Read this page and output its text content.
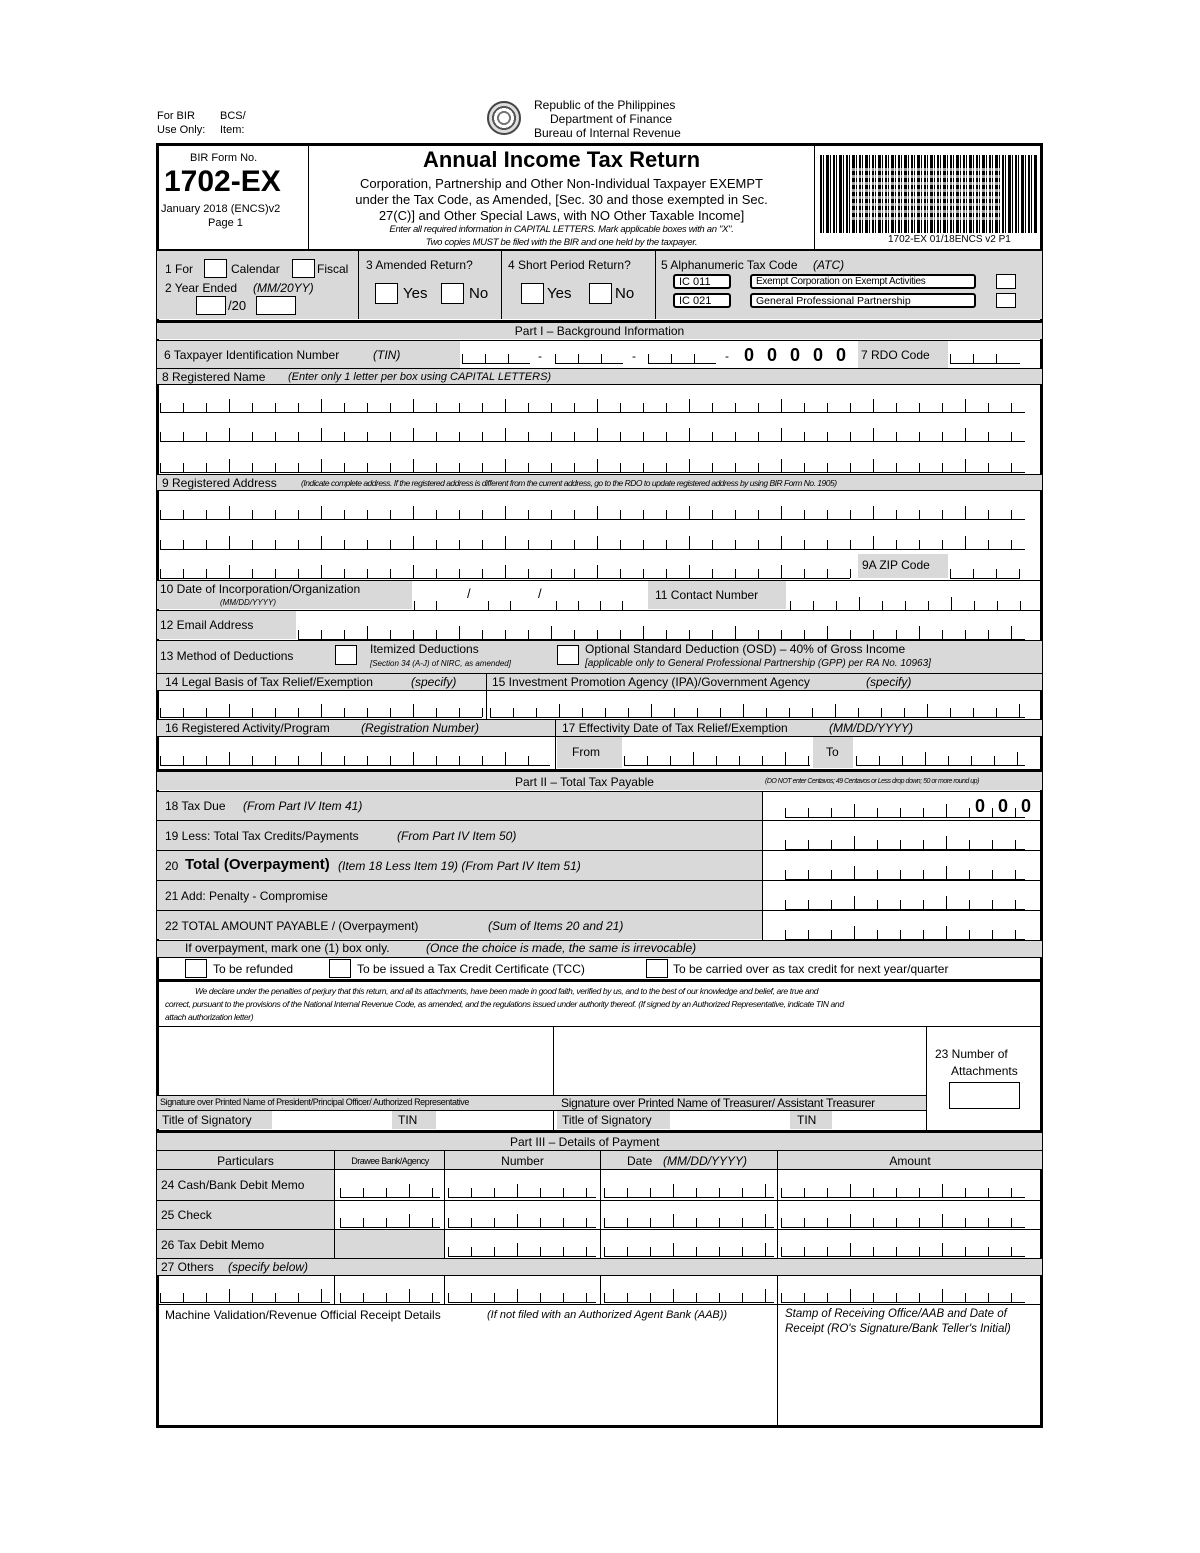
For BIR
Use Only:
BCS/
Item:
Republic of the Philippines
Department of Finance
Bureau of Internal Revenue
BIR Form No.
1702-EX
January 2018 (ENCS)v2
Page 1
Annual Income Tax Return
Corporation, Partnership and Other Non-Individual Taxpayer EXEMPT
under the Tax Code, as Amended, [Sec. 30 and those exempted in Sec.
27(C)] and Other Special Laws, with NO Other Taxable Income]
Enter all required information in CAPITAL LETTERS. Mark applicable boxes with an "X".
Two copies MUST be filed with the BIR and one held by the taxpayer.	1702-EX 01/18ENCS v2 P1
1 For	Calendar	Fiscal
2 Year Ended (MM/20YY)
/20
3 Amended Return?
Yes	No
4 Short Period Return?
Yes	No
5 Alphanumeric Tax Code (ATC)
IC 011	Exempt Corporation on Exempt Activities
IC 021	General Professional Partnership
Part I – Background Information
6 Taxpayer Identification Number	(TIN)	-	-	- 0 0 0 0 0 7 RDO Code
8 Registered Name (Enter only 1 letter per box using CAPITAL LETTERS)
9 Registered Address	(Indicate complete address. If the registered address is different from the current address, go to the RDO to update registered address by using BIR Form No. 1905)
9A ZIP Code
10 Date of Incorporation/Organization
(MM/DD/YYYY)
/	/	11 Contact Number
12 Email Address
13 Method of Deductions	Itemized Deductions
[Section 34 (A-J) of NIRC, as amended]
Optional Standard Deduction (OSD) – 40% of Gross Income
[applicable only to General Professional Partnership (GPP) per RA No. 10963]
14 Legal Basis of Tax Relief/Exemption	(specify)	15 Investment Promotion Agency (IPA)/Government Agency	(specify)
16 Registered Activity/Program	(Registration Number)	17 Effectivity Date of Tax Relief/Exemption	(MM/DD/YYYY)
From	To
Part II – Total Tax Payable	(DO NOT enter Centavos; 49 Centavos or Less drop down; 50 or more round up)
18 Tax Due (From Part IV Item 41)	0 0 0
19 Less: Total Tax Credits/Payments	(From Part IV Item 50)
20 Total (Overpayment) (Item 18 Less Item 19) (From Part IV Item 51)
21 Add: Penalty - Compromise
22 TOTAL AMOUNT PAYABLE / (Overpayment)	(Sum of Items 20 and 21)
If overpayment, mark one (1) box only.	(Once the choice is made, the same is irrevocable)
To be refunded	To be issued a Tax Credit Certificate (TCC)	To be carried over as tax credit for next year/quarter
We declare under the penalties of perjury that this return, and all its attachments, have been made in good faith, verified by us, and to the best of our knowledge and belief, are true and
correct, pursuant to the provisions of the National Internal Revenue Code, as amended, and the regulations issued under authority thereof. (If signed by an Authorized Representative, indicate TIN and
attach authorization letter)
Signature over Printed Name of President/Principal Officer/ Authorized Representative	Signature over Printed Name of Treasurer/ Assistant Treasurer
Title of Signatory	TIN	Title of Signatory	TIN
23 Number of
Attachments
Part III – Details of Payment
Particulars	Drawee Bank/Agency	Number	Date (MM/DD/YYYY)	Amount
24 Cash/Bank Debit Memo
25 Check
26 Tax Debit Memo
27 Others (specify below)
Machine Validation/Revenue Official Receipt Details	(If not filed with an Authorized Agent Bank (AAB))	Stamp of Receiving Office/AAB and Date of
Receipt (RO's Signature/Bank Teller's Initial)
